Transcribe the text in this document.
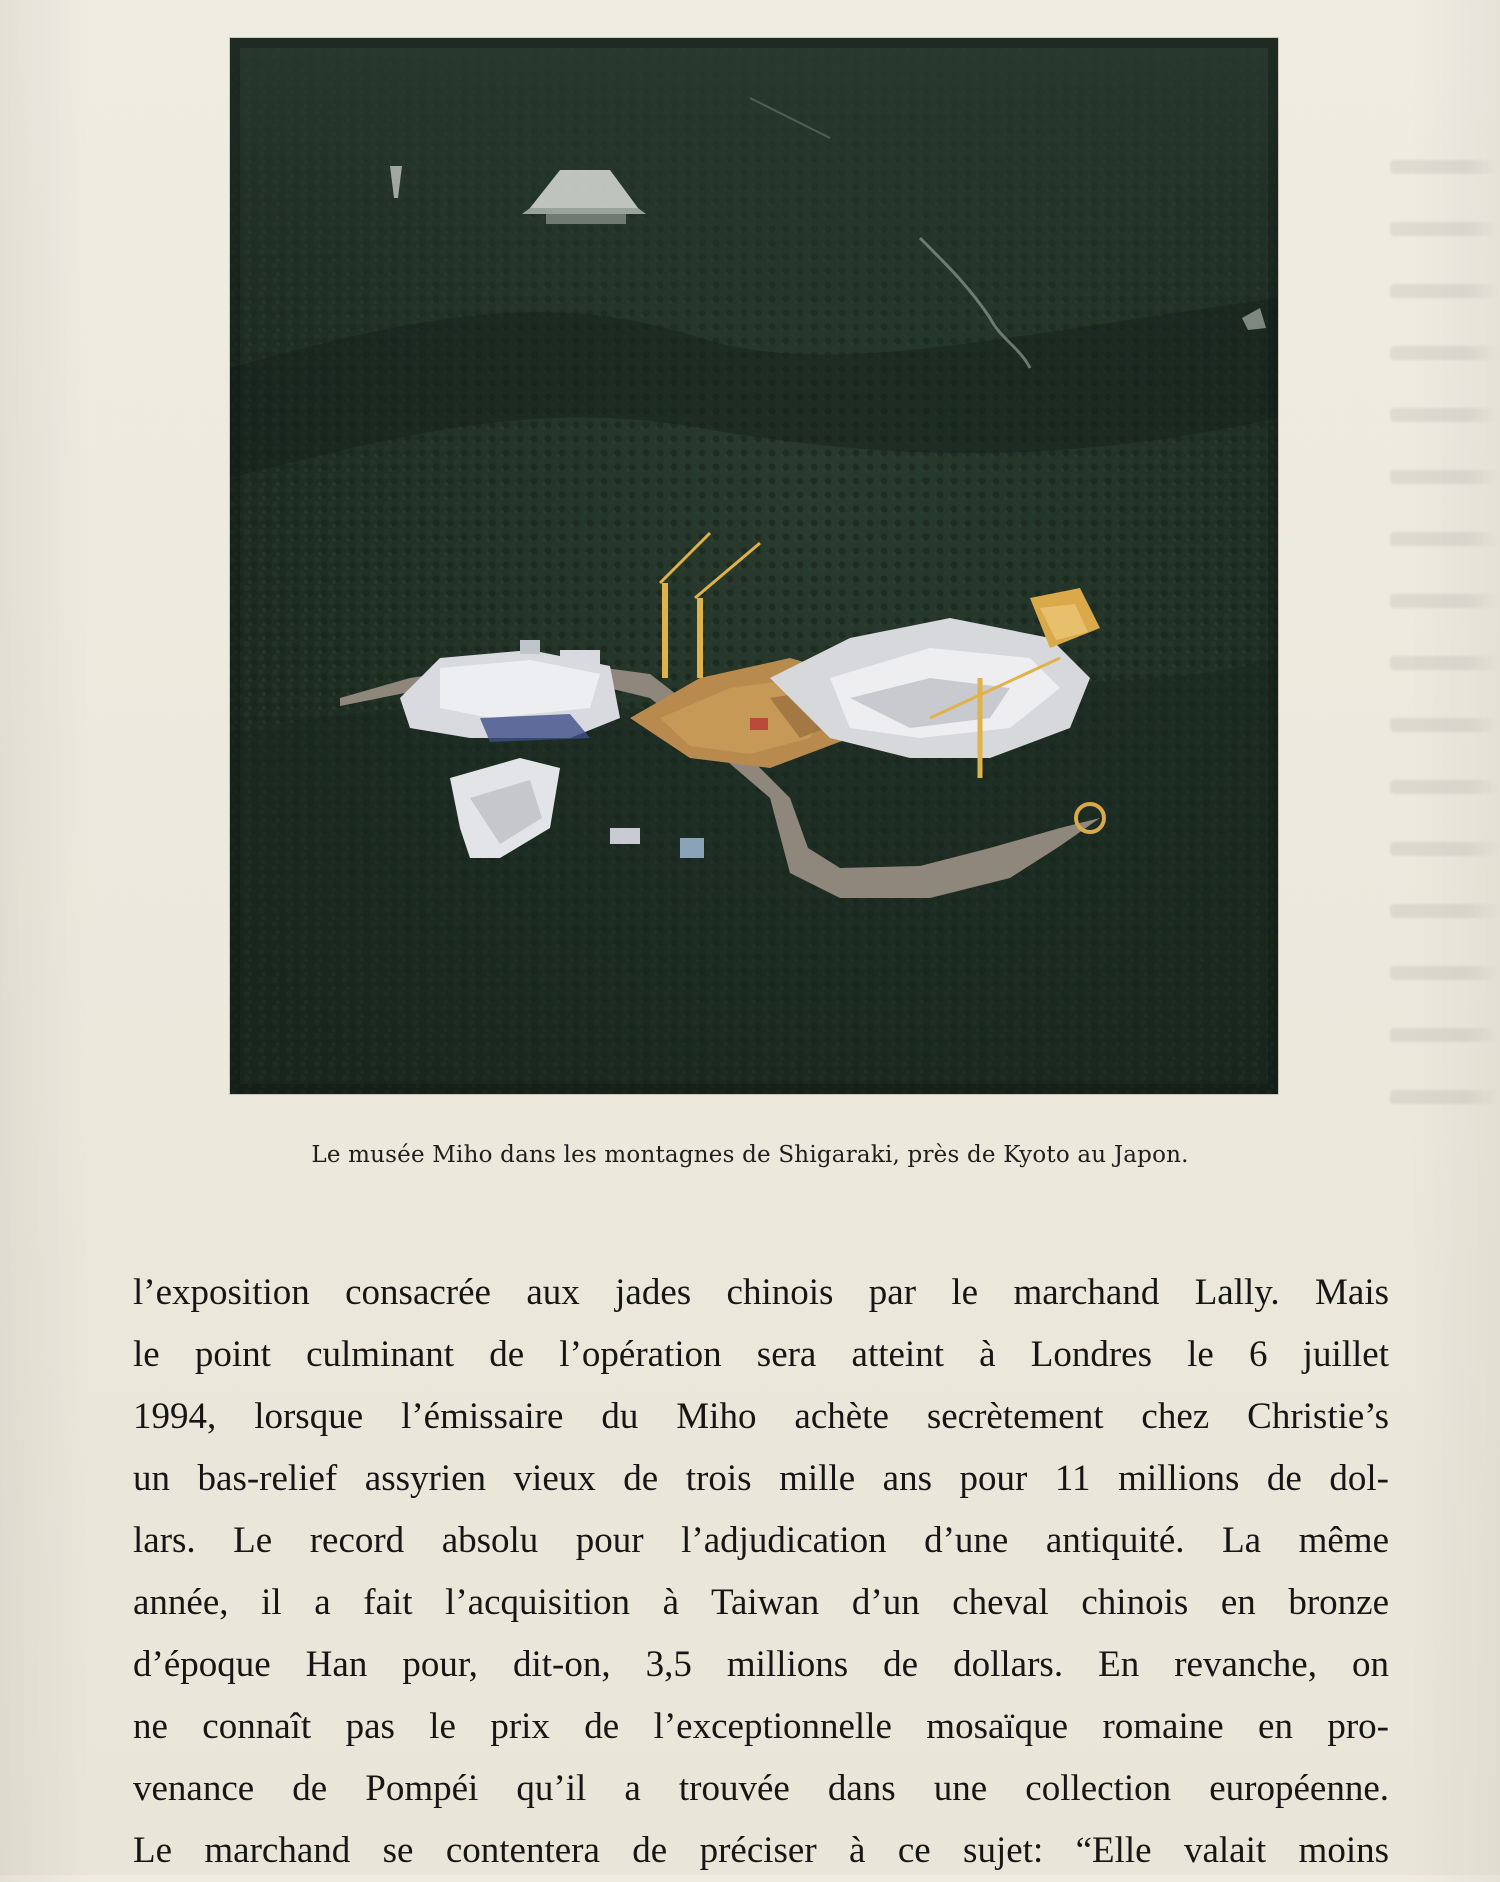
Le musée Miho dans les montagnes de Shigaraki, près de Kyoto au Japon.
l’exposition consacrée aux jades chinois par le marchand Lally. Mais
le point culminant de l’opération sera atteint à Londres le 6 juillet
1994, lorsque l’émissaire du Miho achète secrètement chez Christie’s
un bas-relief assyrien vieux de trois mille ans pour 11 millions de dol-
lars. Le record absolu pour l’adjudication d’une antiquité. La même
année, il a fait l’acquisition à Taiwan d’un cheval chinois en bronze
d’époque Han pour, dit-on, 3,5 millions de dollars. En revanche, on
ne connaît pas le prix de l’exceptionnelle mosaïque romaine en pro-
venance de Pompéi qu’il a trouvée dans une collection européenne.
Le marchand se contentera de préciser à ce sujet: “Elle valait moins
